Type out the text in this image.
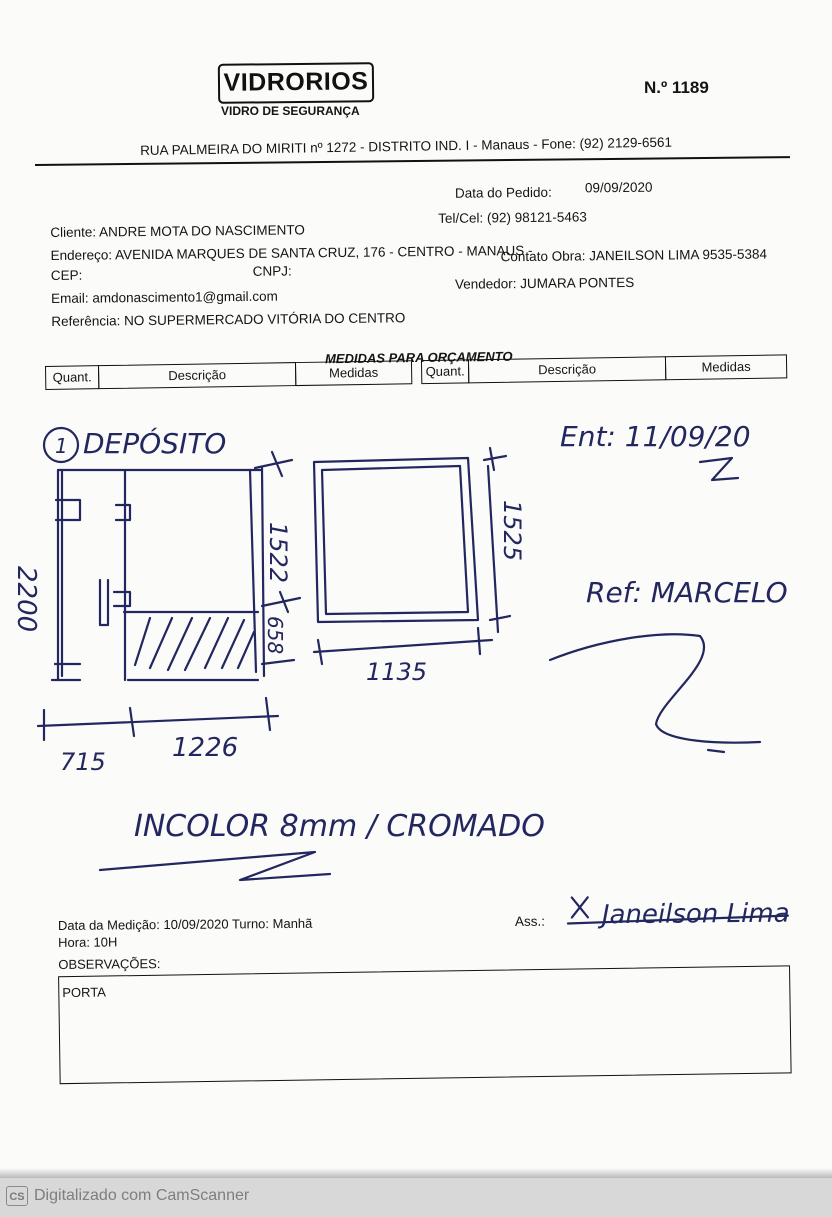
VIDRORIOS
VIDRO DE SEGURANÇA
N.º 1189
RUA PALMEIRA DO MIRITI nº 1272 - DISTRITO IND. I - Manaus - Fone: (92) 2129-6561
Data do Pedido: 09/09/2020
Cliente: ANDRE MOTA DO NASCIMENTO
Tel/Cel: (92) 98121-5463
Endereço: AVENIDA MARQUES DE SANTA CRUZ, 176 - CENTRO - MANAUS -
CEP:	CNPJ:
Contato Obra: JANEILSON LIMA 9535-5384
Email: amdonascimento1@gmail.com
Vendedor: JUMARA PONTES
Referência: NO SUPERMERCADO VITÓRIA DO CENTRO
MEDIDAS PARA ORÇAMENTO
Quant.	Descrição	Medidas	Quant.	Descrição	Medidas
1 DEPÓSITO
1522
658
2200
715	1226
1525
1135
INCOLOR 8mm / CROMADO
Ent: 11/09/20
Ref: MARCELO
Data da Medição: 10/09/2020 Turno: Manhã
Hora: 10H
OBSERVAÇÕES:
Ass.: Janeilson Lima
PORTA
CS Digitalizado com CamScanner
